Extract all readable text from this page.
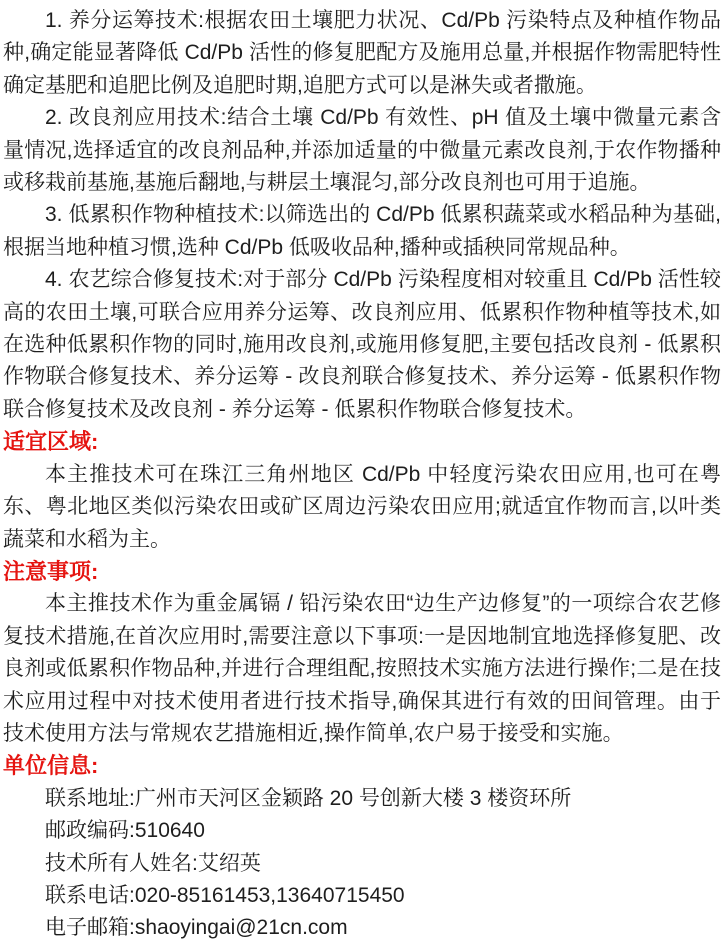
1. 养分运筹技术:根据农田土壤肥力状况、Cd/Pb 污染特点及种植作物品种,确定能显著降低 Cd/Pb 活性的修复肥配方及施用总量,并根据作物需肥特性确定基肥和追肥比例及追肥时期,追肥方式可以是淋失或者撒施。

2. 改良剂应用技术:结合土壤 Cd/Pb 有效性、pH 值及土壤中微量元素含量情况,选择适宜的改良剂品种,并添加适量的中微量元素改良剂,于农作物播种或移栽前基施,基施后翻地,与耕层土壤混匀,部分改良剂也可用于追施。

3. 低累积作物种植技术:以筛选出的 Cd/Pb 低累积蔬菜或水稻品种为基础,根据当地种植习惯,选种 Cd/Pb 低吸收品种,播种或插秧同常规品种。

4. 农艺综合修复技术:对于部分 Cd/Pb 污染程度相对较重且 Cd/Pb 活性较高的农田土壤,可联合应用养分运筹、改良剂应用、低累积作物种植等技术,如在选种低累积作物的同时,施用改良剂,或施用修复肥,主要包括改良剂 - 低累积作物联合修复技术、养分运筹 - 改良剂联合修复技术、养分运筹 - 低累积作物联合修复技术及改良剂 - 养分运筹 - 低累积作物联合修复技术。

适宜区域:

本主推技术可在珠江三角州地区 Cd/Pb 中轻度污染农田应用,也可在粤东、粤北地区类似污染农田或矿区周边污染农田应用;就适宜作物而言,以叶类蔬菜和水稻为主。

注意事项:

本主推技术作为重金属镉 / 铅污染农田“边生产边修复”的一项综合农艺修复技术措施,在首次应用时,需要注意以下事项:一是因地制宜地选择修复肥、改良剂或低累积作物品种,并进行合理组配,按照技术实施方法进行操作;二是在技术应用过程中对技术使用者进行技术指导,确保其进行有效的田间管理。由于技术使用方法与常规农艺措施相近,操作简单,农户易于接受和实施。

单位信息:

联系地址:广州市天河区金颖路 20 号创新大楼 3 楼资环所

邮政编码:510640

技术所有人姓名:艾绍英

联系电话:020-85161453,13640715450

电子邮箱:shaoyingai@21cn.com
